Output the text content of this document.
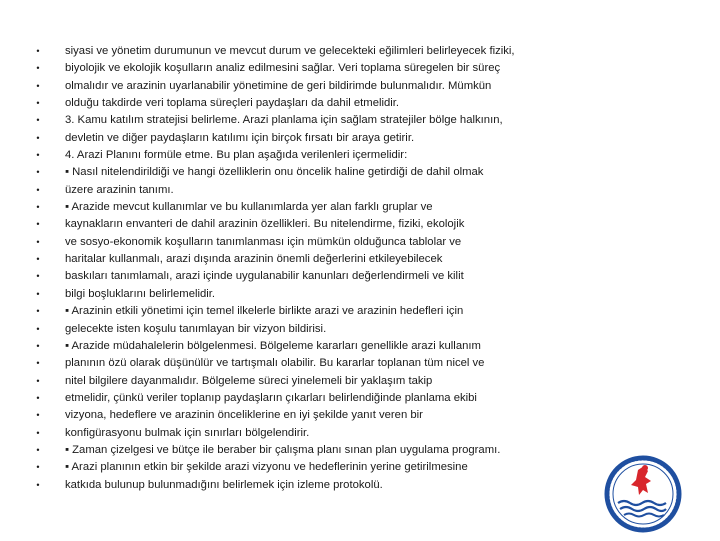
• siyasi ve yönetim durumunun ve mevcut durum ve gelecekteki eğilimleri belirleyecek fiziki,
• biyolojik ve ekolojik koşulların analiz edilmesini sağlar. Veri toplama süregelen bir süreç
• olmalıdır ve arazinin uyarlanabilir yönetimine de geri bildirimde bulunmalıdır. Mümkün
• olduğu takdirde veri toplama süreçleri paydaşları da dahil etmelidir.
• 3. Kamu katılım stratejisi belirleme. Arazi planlama için sağlam stratejiler bölge halkının,
• devletin ve diğer paydaşların katılımı için birçok fırsatı bir araya getirir.
• 4. Arazi Planını formüle etme. Bu plan aşağıda verilenleri içermelidir:
• ▪ Nasıl nitelendirildiği ve hangi özelliklerin onu öncelik haline getirdiği de dahil olmak
• üzere arazinin tanımı.
• ▪ Arazide mevcut kullanımlar ve bu kullanımlarda yer alan farklı gruplar ve
• kaynakların envanteri de dahil arazinin özellikleri. Bu nitelendirme, fiziki, ekolojik
• ve sosyo-ekonomik koşulların tanımlanması için mümkün olduğunca tablolar ve
• haritalar kullanmalı, arazi dışında arazinin önemli değerlerini etkileyebilecek
• baskıları tanımlamalı, arazi içinde uygulanabilir kanunları değerlendirmeli ve kilit
• bilgi boşluklarını belirlemelidir.
• ▪ Arazinin etkili yönetimi için temel ilkelerle birlikte arazi ve arazinin hedefleri için
• gelecekte isten koşulu tanımlayan bir vizyon bildirisi.
• ▪ Arazide müdahalelerin bölgelenmesi. Bölgeleme kararları genellikle arazi kullanım
• planının özü olarak düşünülür ve tartışmalı olabilir. Bu kararlar toplanan tüm nicel ve
• nitel bilgilere dayanmalıdır. Bölgeleme süreci yinelemeli bir yaklaşım takip
• etmelidir, çünkü veriler toplanıp paydaşların çıkarları belirlendiğinde planlama ekibi
• vizyona, hedeflere ve arazinin önceliklerine en iyi şekilde yanıt veren bir
• konfigürasyonu bulmak için sınırları bölgelendirir.
• ▪ Zaman çizelgesi ve bütçe ile beraber bir çalışma planı sınan plan uygulama programı.
• ▪ Arazi planının etkin bir şekilde arazi vizyonu ve hedeflerinin yerine getirilmesine
• katkıda bulunup bulunmadığını belirlemek için izleme protokolü.
